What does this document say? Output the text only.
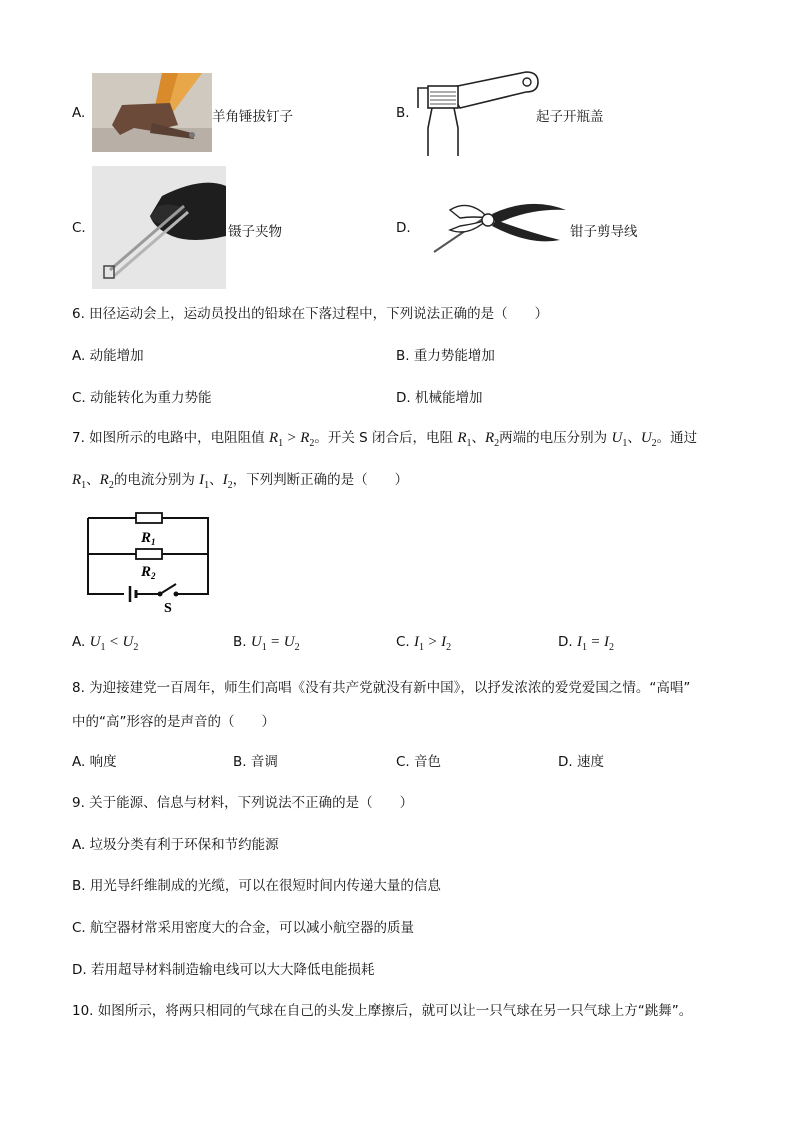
A.	羊角锤拔钉子	B.	起子开瓶盖
C.	镊子夹物	D.	钳子剪导线
6. 田径运动会上，运动员投出的铅球在下落过程中，下列说法正确的是（　　）
A. 动能增加	B. 重力势能增加
C. 动能转化为重力势能	D. 机械能增加
7. 如图所示的电路中，电阻阻值 $R_1 > R_2$。开关 S 闭合后，电阻 $R_1$、$R_2$两端的电压分别为 $U_1$、$U_2$。通过
$R_1$、$R_2$的电流分别为 $I_1$、$I_2$，下列判断正确的是（　　）
$R_1$
$R_2$
S
A. $U_1 < U_2$	B. $U_1 = U_2$	C. $I_1 > I_2$	D. $I_1 = I_2$
8. 为迎接建党一百周年，师生们高唱《没有共产党就没有新中国》，以抒发浓浓的爱党爱国之情。“高唱”
中的“高”形容的是声音的（　　）
A. 响度	B. 音调	C. 音色	D. 速度
9. 关于能源、信息与材料，下列说法不正确的是（　　）
A. 垃圾分类有利于环保和节约能源
B. 用光导纤维制成的光缆，可以在很短时间内传递大量的信息
C. 航空器材常采用密度大的合金，可以减小航空器的质量
D. 若用超导材料制造输电线可以大大降低电能损耗
10. 如图所示，将两只相同的气球在自己的头发上摩擦后，就可以让一只气球在另一只气球上方“跳舞”。
